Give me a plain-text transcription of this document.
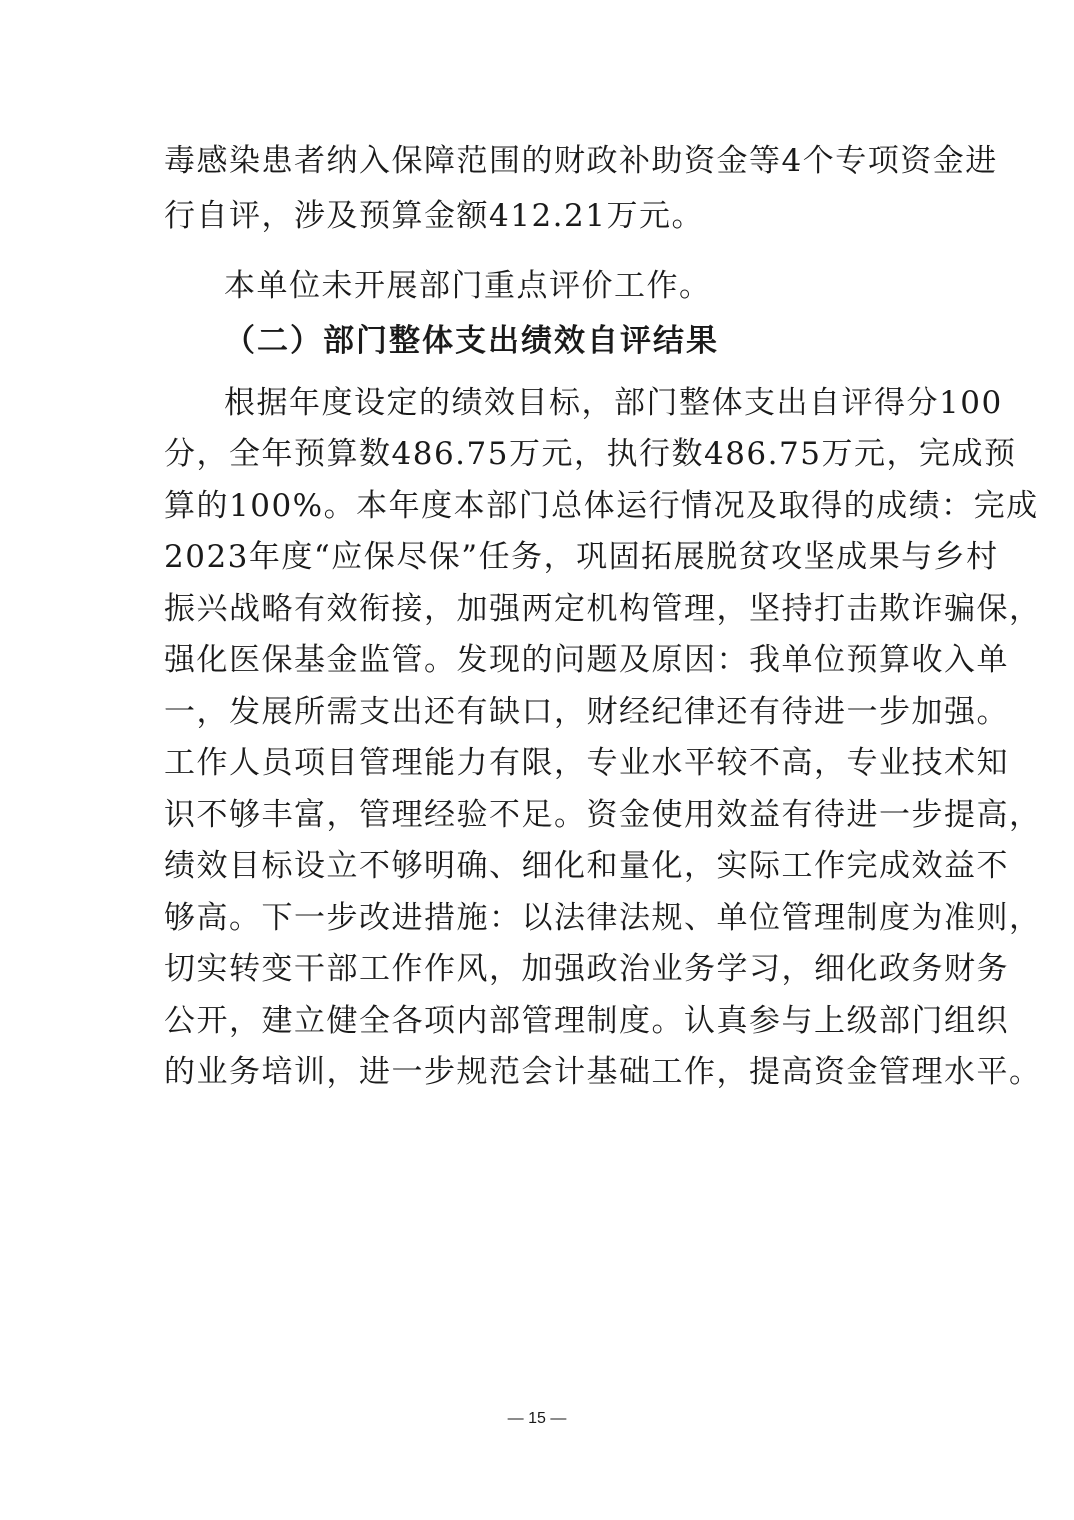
毒感染患者纳入保障范围的财政补助资金等4个专项资金进
行自评，涉及预算金额412.21万元。
本单位未开展部门重点评价工作。
（二）部门整体支出绩效自评结果
根据年度设定的绩效目标，部门整体支出自评得分100
分，全年预算数486.75万元，执行数486.75万元，完成预
算的100%。本年度本部门总体运行情况及取得的成绩：完成
2023年度“应保尽保”任务，巩固拓展脱贫攻坚成果与乡村
振兴战略有效衔接，加强两定机构管理，坚持打击欺诈骗保，
强化医保基金监管。发现的问题及原因：我单位预算收入单
一，发展所需支出还有缺口，财经纪律还有待进一步加强。
工作人员项目管理能力有限，专业水平较不高，专业技术知
识不够丰富，管理经验不足。资金使用效益有待进一步提高，
绩效目标设立不够明确、细化和量化，实际工作完成效益不
够高。下一步改进措施：以法律法规、单位管理制度为准则，
切实转变干部工作作风，加强政治业务学习，细化政务财务
公开，建立健全各项内部管理制度。认真参与上级部门组织
的业务培训，进一步规范会计基础工作，提高资金管理水平。
— 15 —
